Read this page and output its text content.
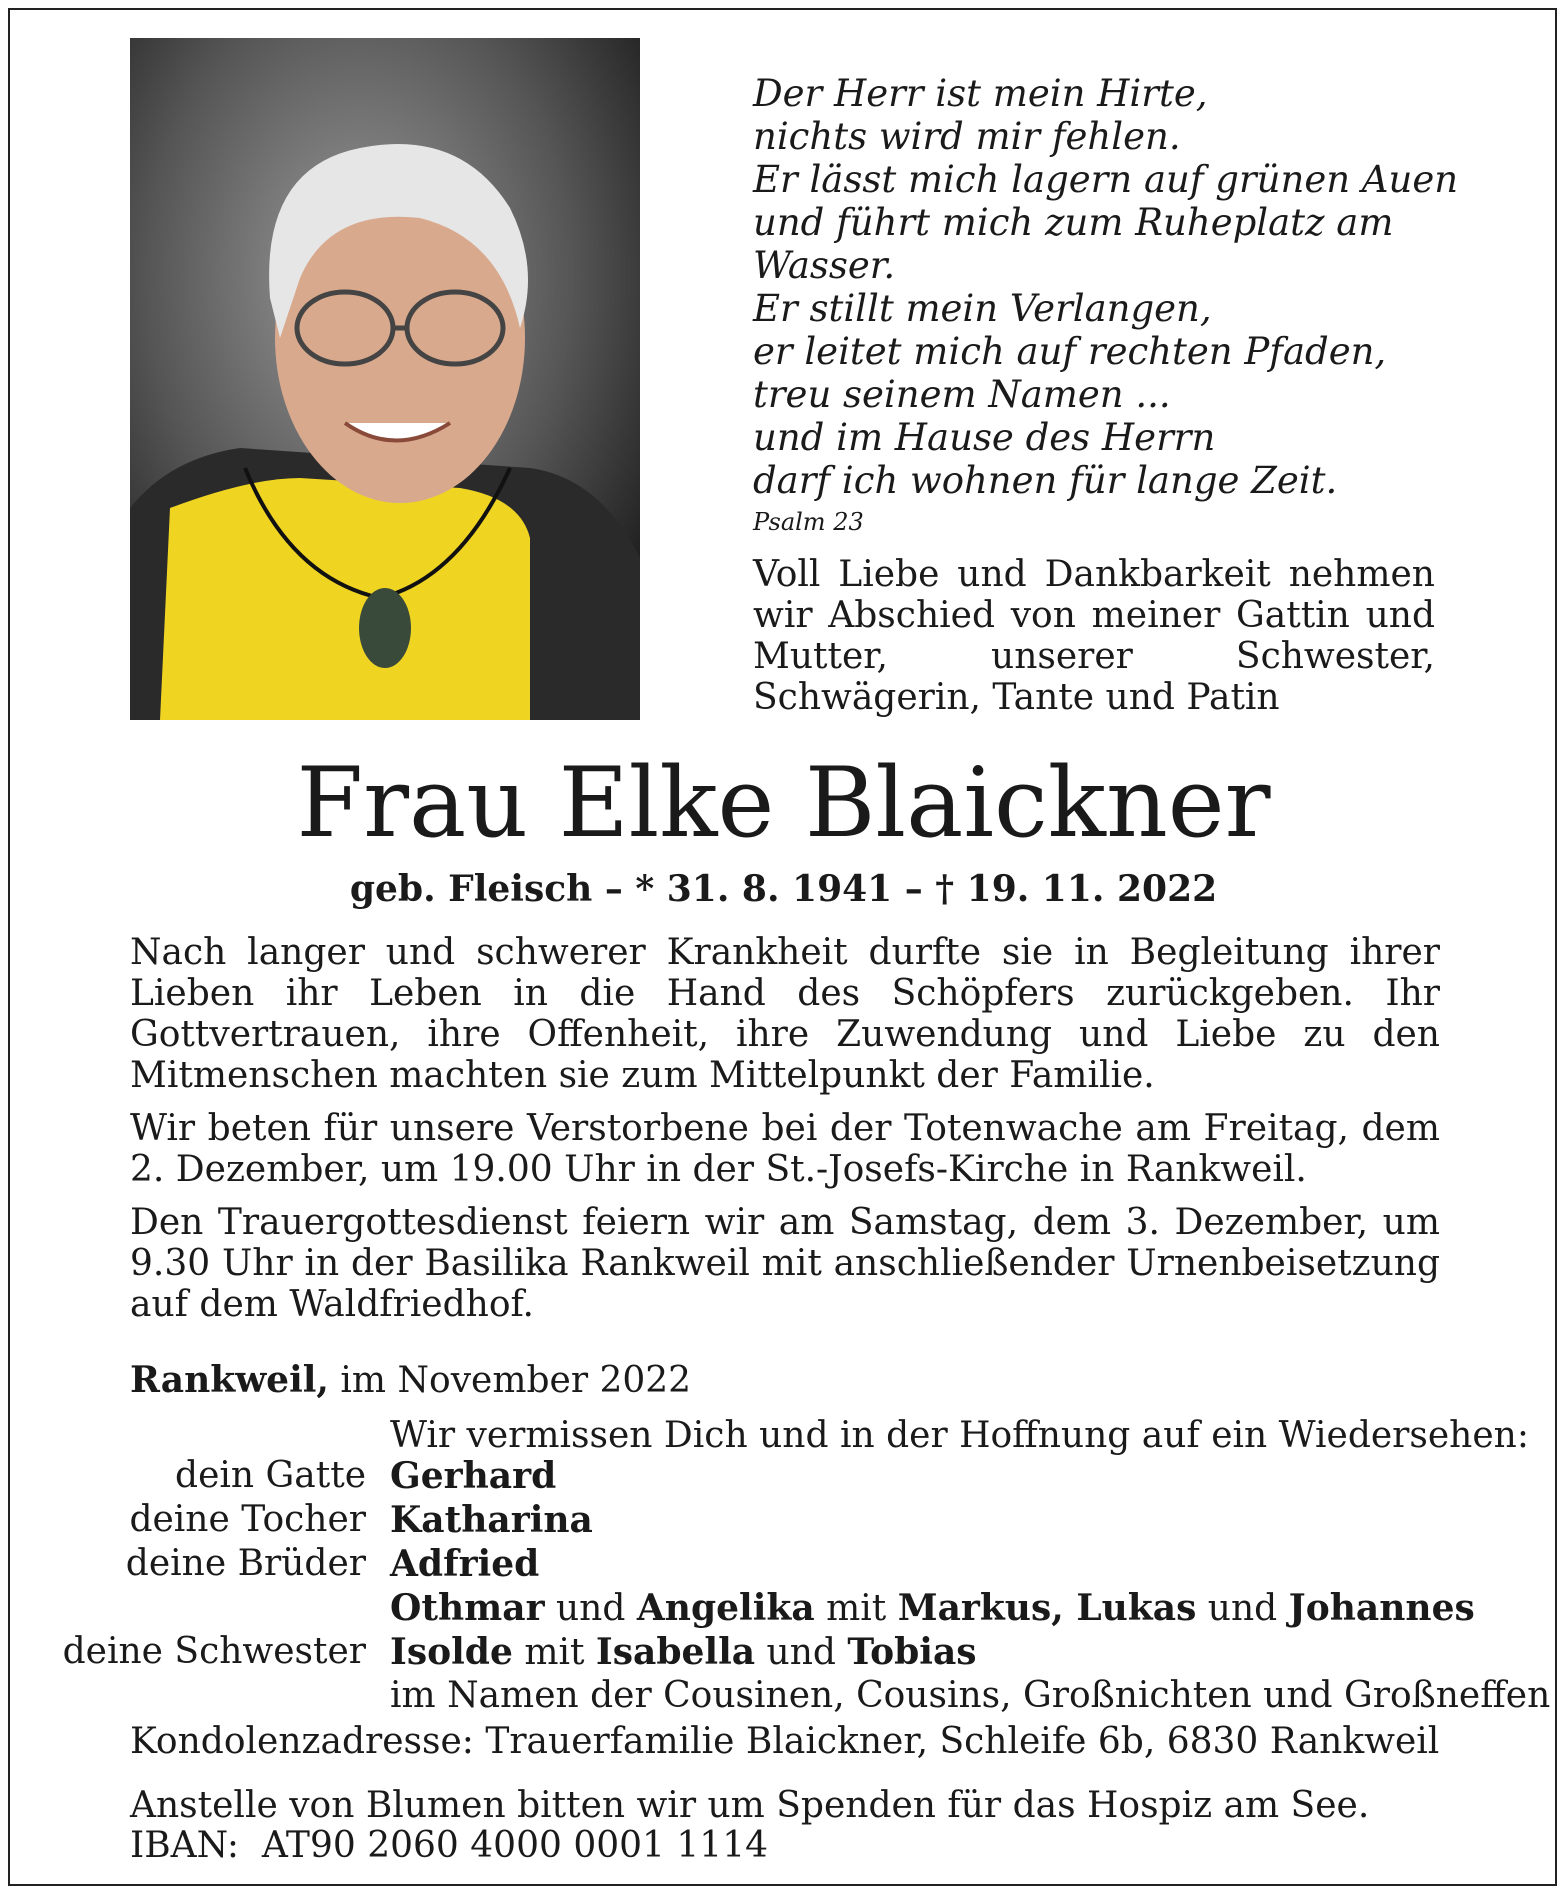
Der Herr ist mein Hirte,
nichts wird mir fehlen.
Er lässt mich lagern auf grünen Auen
und führt mich zum Ruheplatz am Wasser.
Er stillt mein Verlangen,
er leitet mich auf rechten Pfaden,
treu seinem Namen ...
und im Hause des Herrn
darf ich wohnen für lange Zeit.
Psalm 23
Voll Liebe und Dankbarkeit nehmen wir Abschied von meiner Gattin und Mutter, unserer Schwester, Schwägerin, Tante und Patin
Frau Elke Blaickner
geb. Fleisch – * 31. 8. 1941 – † 19. 11. 2022

Nach langer und schwerer Krankheit durfte sie in Begleitung ihrer Lieben ihr Leben in die Hand des Schöpfers zurückgeben. Ihr Gottvertrauen, ihre Offenheit, ihre Zuwendung und Liebe zu den Mitmenschen machten sie zum Mittelpunkt der Familie.

Wir beten für unsere Verstorbene bei der Totenwache am Freitag, dem 2. Dezember, um 19.00 Uhr in der St.-Josefs-Kirche in Rankweil.

Den Trauergottesdienst feiern wir am Samstag, dem 3. Dezember, um 9.30 Uhr in der Basilika Rankweil mit anschließender Urnenbeisetzung auf dem Waldfriedhof.

Rankweil, im November 2022
Wir vermissen Dich und in der Hoffnung auf ein Wiedersehen:
dein Gatte Gerhard
deine Tocher Katharina
deine Brüder Adfried
Othmar und Angelika mit Markus, Lukas und Johannes
deine Schwester Isolde mit Isabella und Tobias
im Namen der Cousinen, Cousins, Großnichten und Großneffen
Kondolenzadresse: Trauerfamilie Blaickner, Schleife 6b, 6830 Rankweil
Anstelle von Blumen bitten wir um Spenden für das Hospiz am See.
IBAN:  AT90 2060 4000 0001 1114
